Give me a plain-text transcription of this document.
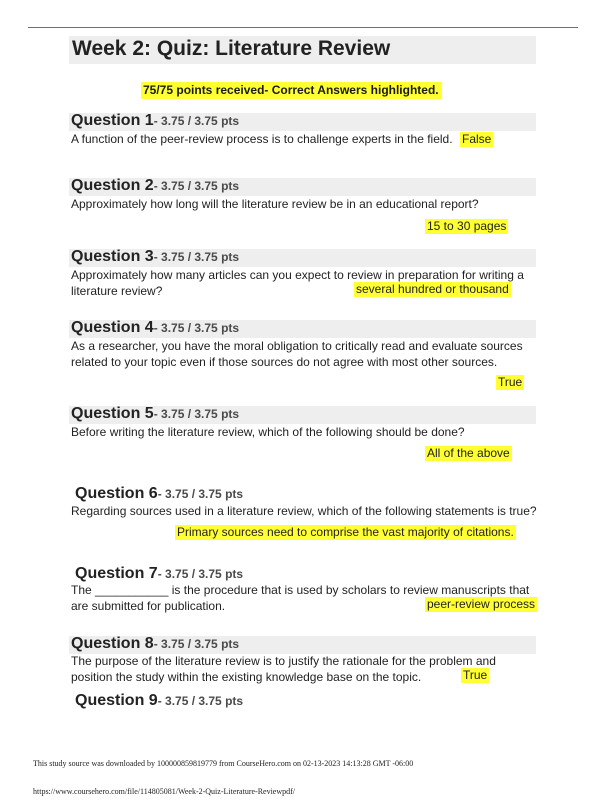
Week 2: Quiz: Literature Review
75/75 points received- Correct Answers highlighted.
Question 1- 3.75 / 3.75 pts
A function of the peer-review process is to challenge experts in the field. False
Question 2- 3.75 / 3.75 pts
Approximately how long will the literature review be in an educational report?
15 to 30 pages
Question 3- 3.75 / 3.75 pts
Approximately how many articles can you expect to review in preparation for writing a
literature review?	several hundred or thousand
Question 4- 3.75 / 3.75 pts
As a researcher, you have the moral obligation to critically read and evaluate sources
related to your topic even if those sources do not agree with most other sources.
True
Question 5- 3.75 / 3.75 pts
Before writing the literature review, which of the following should be done?
All of the above
Question 6- 3.75 / 3.75 pts
Regarding sources used in a literature review, which of the following statements is true?
Primary sources need to comprise the vast majority of citations.
Question 7- 3.75 / 3.75 pts
The ___________ is the procedure that is used by scholars to review manuscripts that
are submitted for publication.	peer-review process
Question 8- 3.75 / 3.75 pts
The purpose of the literature review is to justify the rationale for the problem and
position the study within the existing knowledge base on the topic.	True
Question 9- 3.75 / 3.75 pts
This study source was downloaded by 100000859819779 from CourseHero.com on 02-13-2023 14:13:28 GMT -06:00
https://www.coursehero.com/file/114805081/Week-2-Quiz-Literature-Reviewpdf/
